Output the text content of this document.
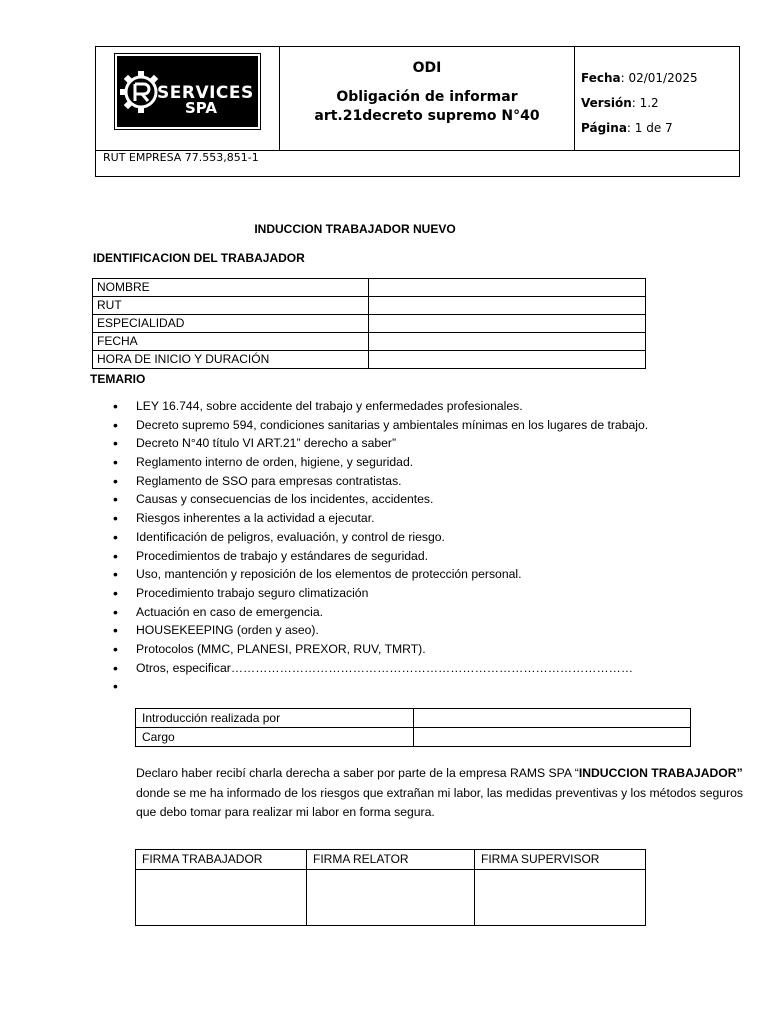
RUT EMPRESA 77.553,851-1
SERVICES
SPA
ODI
Obligación de informar
art.21decreto supremo N°40
Fecha: 02/01/2025
Versión: 1.2
Página: 1 de 7
INDUCCION TRABAJADOR NUEVO
IDENTIFICACION DEL TRABAJADOR
NOMBRE	
RUT	
ESPECIALIDAD	
FECHA	
HORA DE INICIO Y DURACIÓN	
TEMARIO
• LEY 16.744, sobre accidente del trabajo y enfermedades profesionales.
• Decreto supremo 594, condiciones sanitarias y ambientales mínimas en los lugares de trabajo.
• Decreto N°40 título VI ART.21” derecho a saber”
• Reglamento interno de orden, higiene, y seguridad.
• Reglamento de SSO para empresas contratistas.
• Causas y consecuencias de los incidentes, accidentes.
• Riesgos inherentes a la actividad a ejecutar.
• Identificación de peligros, evaluación, y control de riesgo.
• Procedimientos de trabajo y estándares de seguridad.
• Uso, mantención y reposición de los elementos de protección personal.
• Procedimiento trabajo seguro climatización
• Actuación en caso de emergencia.
• HOUSEKEEPING (orden y aseo).
• Protocolos (MMC, PLANESI, PREXOR, RUV, TMRT).
• Otros, especificar………………………………………………………………………………………
•
Introducción realizada por	
Cargo	
Declaro haber recibí charla derecha a saber por parte de la empresa RAMS SPA “INDUCCION TRABAJADOR” donde se me ha informado de los riesgos que extrañan mi labor, las medidas preventivas y los métodos seguros que debo tomar para realizar mi labor en forma segura.
FIRMA TRABAJADOR	FIRMA RELATOR	FIRMA SUPERVISOR
